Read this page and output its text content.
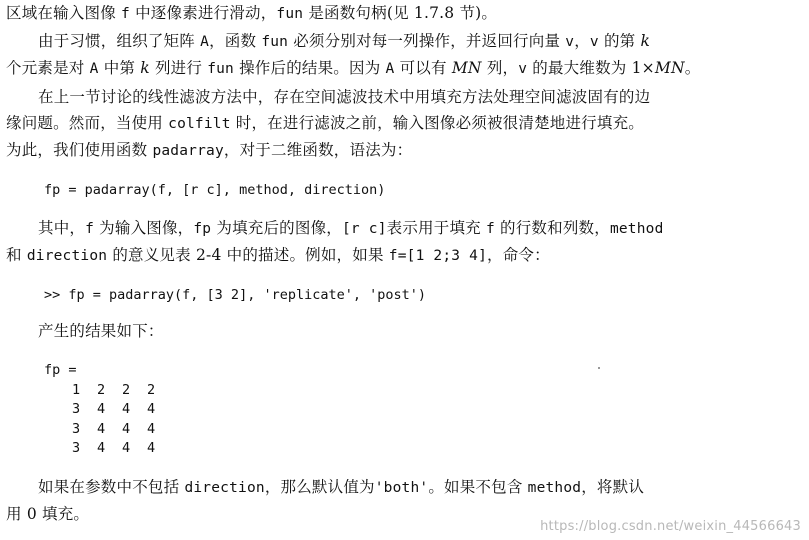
区域在输入图像 f 中逐像素进行滑动，fun 是函数句柄(见 1.7.8 节)。

由于习惯，组织了矩阵 A，函数 fun 必须分别对每一列操作，并返回行向量 v，v 的第 k
个元素是对 A 中第 k 列进行 fun 操作后的结果。因为 A 可以有 MN 列，v 的最大维数为 1×MN。

在上一节讨论的线性滤波方法中，存在空间滤波技术中用填充方法处理空间滤波固有的边
缘问题。然而，当使用 colfilt 时，在进行滤波之前，输入图像必须被很清楚地进行填充。
为此，我们使用函数 padarray，对于二维函数，语法为：

fp = padarray(f, [r c], method, direction)

其中，f 为输入图像，fp 为填充后的图像，[r c]表示用于填充 f 的行数和列数，method
和 direction 的意义见表 2-4 中的描述。例如，如果 f=[1 2;3 4]，命令：

>> fp = padarray(f, [3 2], 'replicate', 'post')

产生的结果如下：

fp =
1	2	2	2
3	4	4	4
3	4	4	4
3	4	4	4

如果在参数中不包括 direction，那么默认值为'both'。如果不包含 method，将默认
用 0 填充。

https://blog.csdn.net/weixin_44566643
